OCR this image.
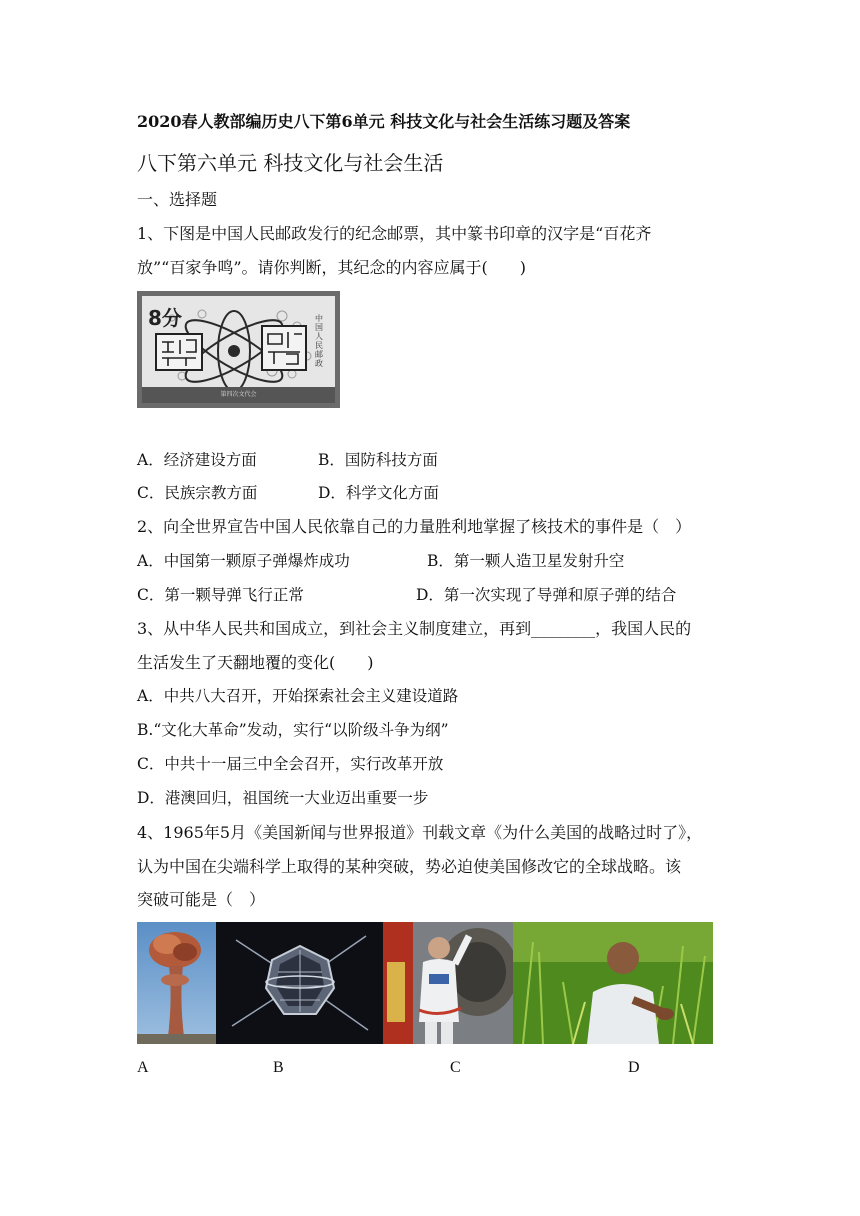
2020春人教部编历史八下第6单元 科技文化与社会生活练习题及答案
八下第六单元 科技文化与社会生活
一、选择题
1、下图是中国人民邮政发行的纪念邮票，其中篆书印章的汉字是“百花齐
放”“百家争鸣”。请你判断，其纪念的内容应属于(　　)
8分	中国人民邮政
第四次文代会
A．经济建设方面	B．国防科技方面
C．民族宗教方面	D．科学文化方面
2、向全世界宣告中国人民依靠自己的力量胜利地掌握了核技术的事件是（　）
A．中国第一颗原子弹爆炸成功	B．第一颗人造卫星发射升空
C．第一颗导弹飞行正常	D．第一次实现了导弹和原子弹的结合
3、从中华人民共和国成立，到社会主义制度建立，再到________，我国人民的
生活发生了天翻地覆的变化(　　)
A．中共八大召开，开始探索社会主义建设道路
B.“文化大革命”发动，实行“以阶级斗争为纲”
C．中共十一届三中全会召开，实行改革开放
D．港澳回归，祖国统一大业迈出重要一步
4、1965年5月《美国新闻与世界报道》刊载文章《为什么美国的战略过时了》，
认为中国在尖端科学上取得的某种突破，势必迫使美国修改它的全球战略。该
突破可能是（　）
A	B	C	D
